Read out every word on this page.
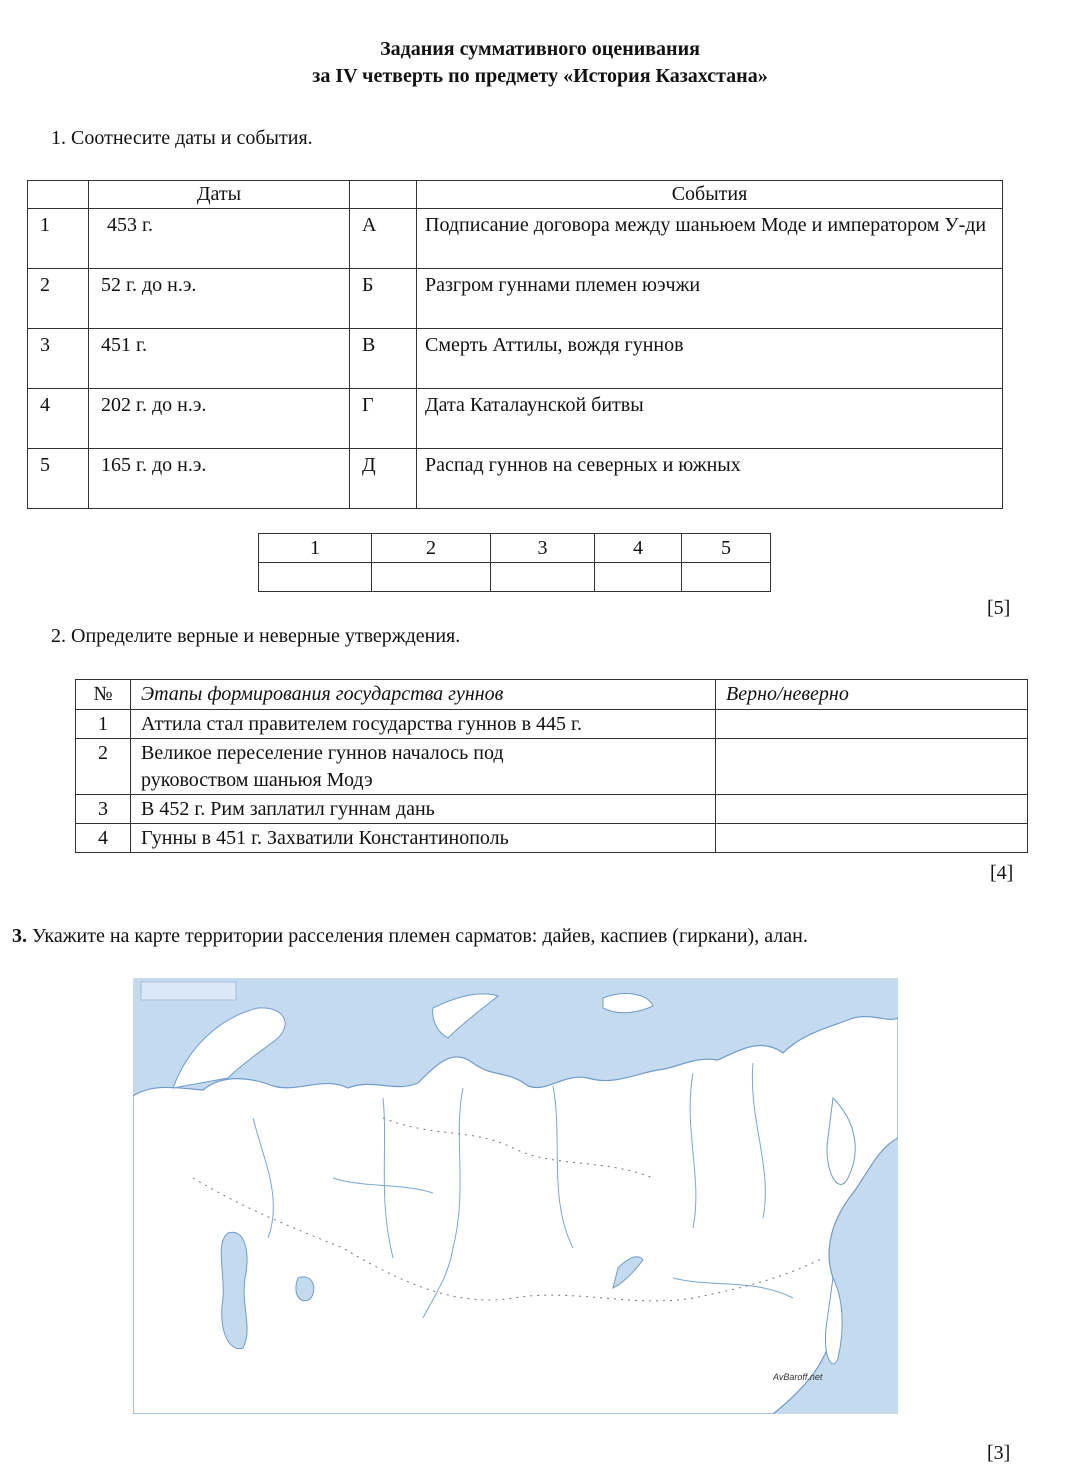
Задания суммативного оценивания
за IV четверть по предмету «История Казахстана»
1. Соотнесите даты и события.
	Даты		События
1	453 г.	А	Подписание договора между шаньюем Моде и императором У-ди
2	52 г. до н.э.	Б	Разгром гуннами племен юэчжи
3	451 г.	В	Смерть Аттилы, вождя гуннов
4	202 г. до н.э.	Г	Дата Каталаунской битвы
5	165 г. до н.э.	Д	Распад гуннов на северных и южных
1	2	3	4	5

[5]
2. Определите верные и неверные утверждения.
№	Этапы формирования государства гуннов	Верно/неверно
1	Аттила стал правителем государства гуннов в 445 г.	
2	Великое переселение гуннов началось под руковоством шаньюя Модэ	

3	В 452 г. Рим заплатил гуннам дань	
4	Гунны в 451 г. Захватили Константинополь	
[4]
3. Укажите на карте территории расселения племен сарматов: дайев, каспиев (гиркани), алан.
AvBaroff.net
[3]
